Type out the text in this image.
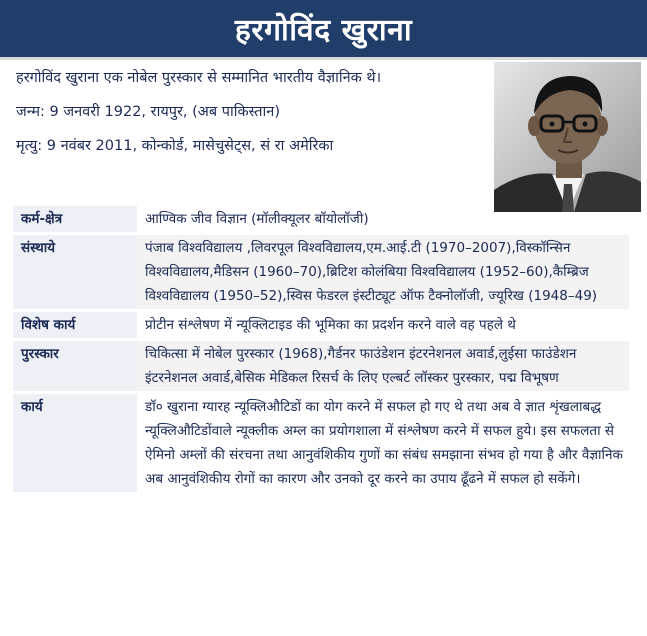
हरगोविंद खुराना

हरगोविंद खुराना एक नोबेल पुरस्कार से सम्मानित भारतीय वैज्ञानिक थे।

जन्म: 9 जनवरी 1922, रायपुर, (अब पाकिस्तान)

मृत्यु: 9 नवंबर 2011, कोन्कोर्ड, मासेचुसेट्स, सं रा अमेरिका

कर्म-क्षेत्र	आण्विक जीव विज्ञान (मॉलीक्यूलर बॉयोलॉजी)
संस्थाये	पंजाब विश्वविद्यालय ,लिवरपूल विश्वविद्यालय,एम.आई.टी (1970–2007),विस्कॉन्सिन विश्वविद्यालय,मैडिसन (1960–70),ब्रिटिश कोलंबिया विश्वविद्यालय (1952–60),कैम्ब्रिज विश्वविद्यालय (1950–52),स्विस फेडरल इंस्टीट्यूट ऑफ टैक्नोलॉजी, ज्यूरिख (1948–49)
विशेष कार्य	प्रोटीन संश्लेषण में न्यूक्लिटाइड की भूमिका का प्रदर्शन करने वाले वह पहले थे
पुरस्कार	चिकित्सा में नोबेल पुरस्कार (1968),गैर्डनर फाउंडेशन इंटरनेशनल अवार्ड,लुईसा फाउंडेशन इंटरनेशनल अवार्ड,बेसिक मेडिकल रिसर्च के लिए एल्बर्ट लॉस्कर पुरस्कार, पद्म विभूषण
कार्य	डॉ० खुराना ग्यारह न्यूक्लिऔटिडों का योग करने में सफल हो गए थे तथा अब वे ज्ञात शृंखलाबद्ध न्यूक्लिऔटिडोंवाले न्यूक्लीक अम्ल का प्रयोगशाला में संश्लेषण करने में सफल हुये। इस सफलता से ऐमिनो अम्लों की संरचना तथा आनुवंशिकीय गुणों का संबंध समझाना संभव हो गया है और वैज्ञानिक अब आनुवंशिकीय रोगों का कारण और उनको दूर करने का उपाय ढूँढने में सफल हो सकेंगे।
